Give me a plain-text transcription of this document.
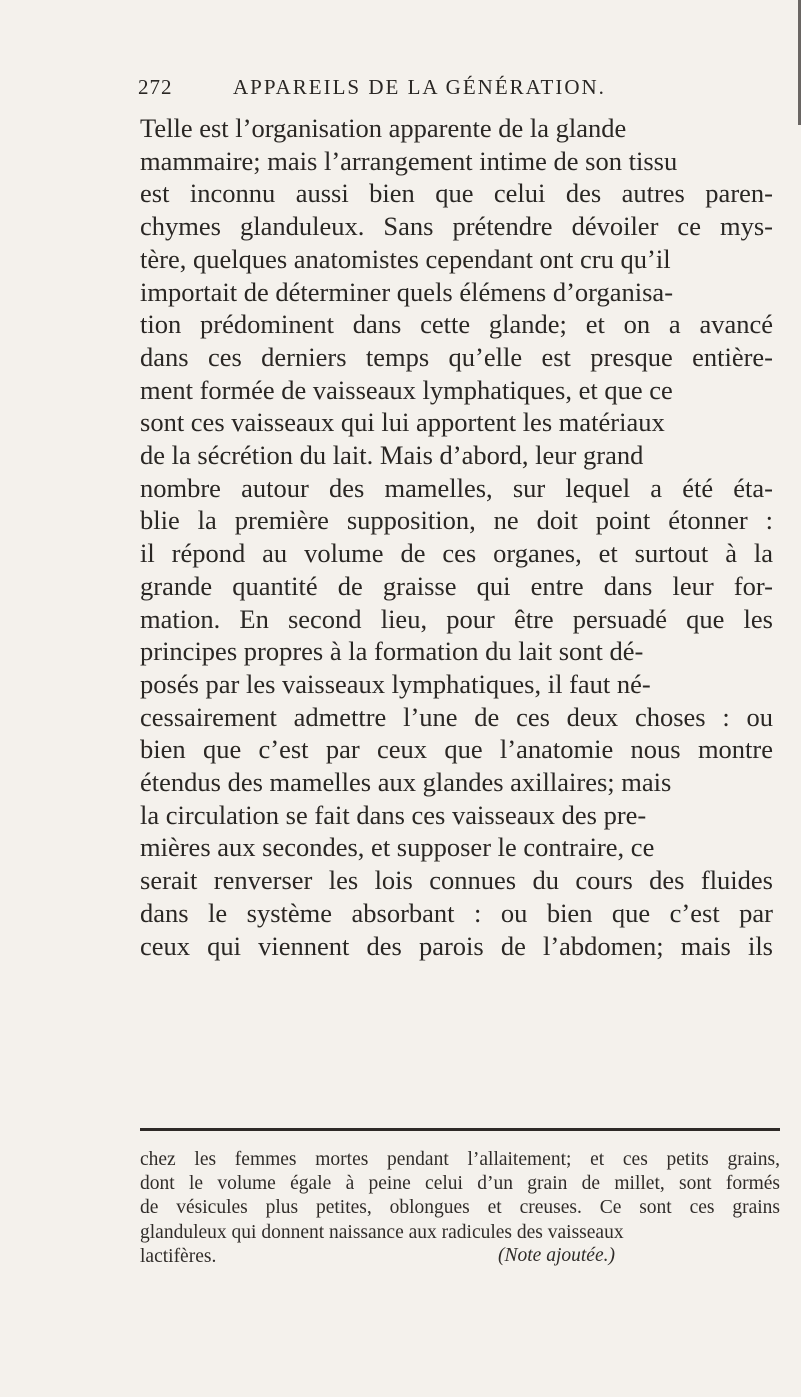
272	APPAREILS DE LA GÉNÉRATION.
Telle est l’organisation apparente de la glande
mammaire; mais l’arrangement intime de son tissu
est inconnu aussi bien que celui des autres paren-
chymes glanduleux. Sans prétendre dévoiler ce mys-
tère, quelques anatomistes cependant ont cru qu’il
importait de déterminer quels élémens d’organisa-
tion prédominent dans cette glande; et on a avancé
dans ces derniers temps qu’elle est presque entière-
ment formée de vaisseaux lymphatiques, et que ce
sont ces vaisseaux qui lui apportent les matériaux
de la sécrétion du lait. Mais d’abord, leur grand
nombre autour des mamelles, sur lequel a été éta-
blie la première supposition, ne doit point étonner :
il répond au volume de ces organes, et surtout à la
grande quantité de graisse qui entre dans leur for-
mation. En second lieu, pour être persuadé que les
principes propres à la formation du lait sont dé-
posés par les vaisseaux lymphatiques, il faut né-
cessairement admettre l’une de ces deux choses : ou
bien que c’est par ceux que l’anatomie nous montre
étendus des mamelles aux glandes axillaires; mais
la circulation se fait dans ces vaisseaux des pre-
mières aux secondes, et supposer le contraire, ce
serait renverser les lois connues du cours des fluides
dans le système absorbant : ou bien que c’est par
ceux qui viennent des parois de l’abdomen; mais ils
chez les femmes mortes pendant l’allaitement; et ces petits grains,
dont le volume égale à peine celui d’un grain de millet, sont formés
de vésicules plus petites, oblongues et creuses. Ce sont ces grains
glanduleux qui donnent naissance aux radicules des vaisseaux
lactifères.	(Note ajoutée.)
